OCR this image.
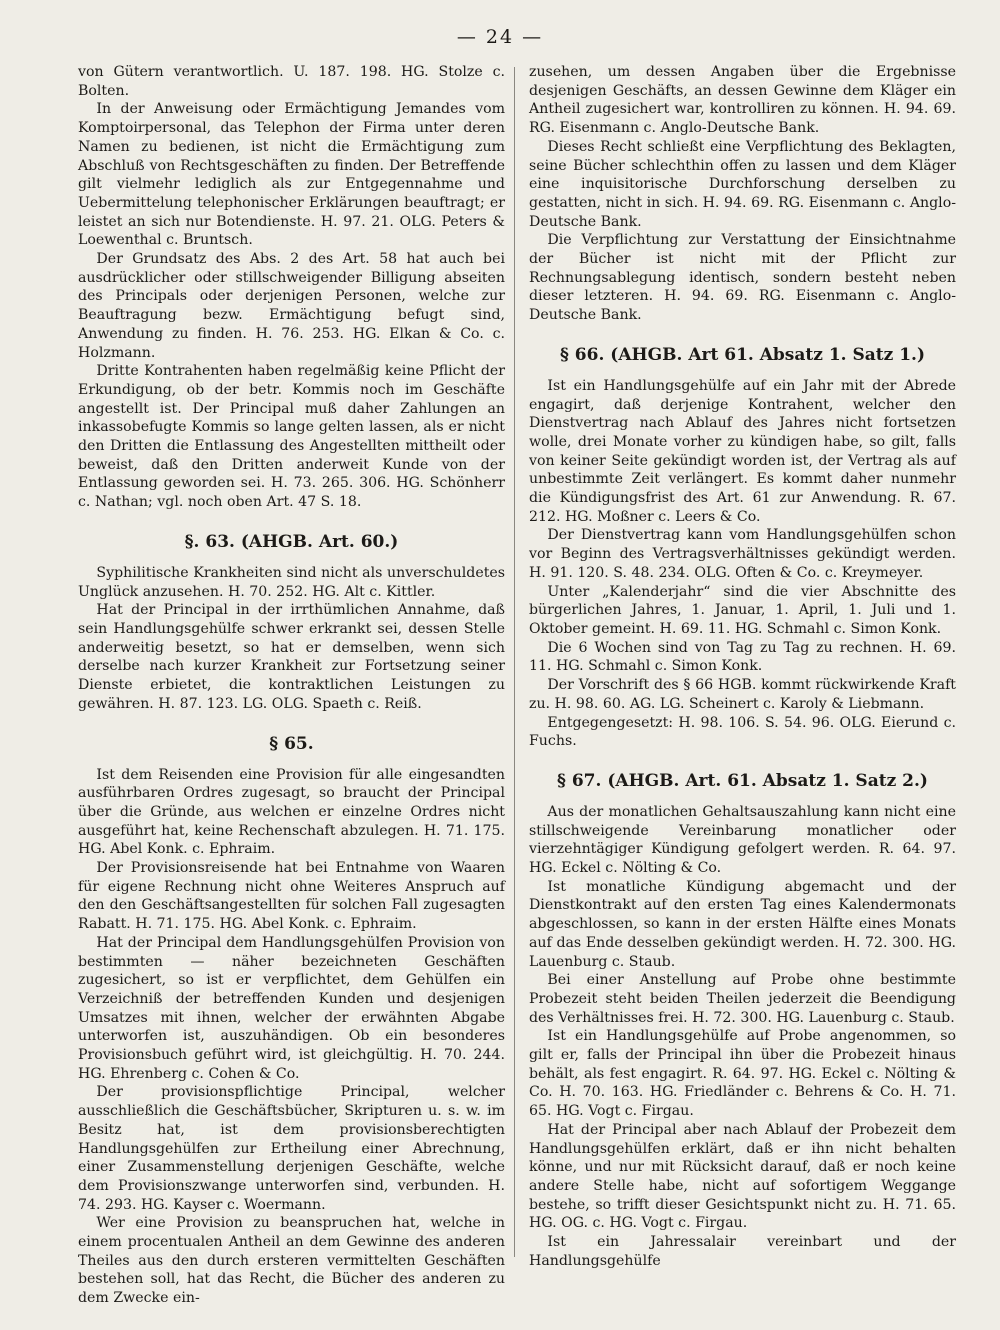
— 24 —

von Gütern verantwortlich. U. 187. 198. HG. Stolze c. Bolten.

In der Anweisung oder Ermächtigung Jemandes vom Komptoirpersonal, das Telephon der Firma unter deren Namen zu bedienen, ist nicht die Ermächtigung zum Abschluß von Rechtsgeschäften zu finden. Der Betreffende gilt vielmehr lediglich als zur Entgegennahme und Uebermittelung telephonischer Erklärungen beauftragt; er leistet an sich nur Botendienste. H. 97. 21. OLG. Peters & Loewenthal c. Bruntsch.

Der Grundsatz des Abs. 2 des Art. 58 hat auch bei ausdrücklicher oder stillschweigender Billigung abseiten des Principals oder derjenigen Personen, welche zur Beauftragung bezw. Ermächtigung befugt sind, Anwendung zu finden. H. 76. 253. HG. Elkan & Co. c. Holzmann.

Dritte Kontrahenten haben regelmäßig keine Pflicht der Erkundigung, ob der betr. Kommis noch im Geschäfte angestellt ist. Der Principal muß daher Zahlungen an inkassobefugte Kommis so lange gelten lassen, als er nicht den Dritten die Entlassung des Angestellten mittheilt oder beweist, daß den Dritten anderweit Kunde von der Entlassung geworden sei. H. 73. 265. 306. HG. Schönherr c. Nathan; vgl. noch oben Art. 47 S. 18.

§. 63. (AHGB. Art. 60.)

Syphilitische Krankheiten sind nicht als unverschuldetes Unglück anzusehen. H. 70. 252. HG. Alt c. Kittler.

Hat der Principal in der irrthümlichen Annahme, daß sein Handlungsgehülfe schwer erkrankt sei, dessen Stelle anderweitig besetzt, so hat er demselben, wenn sich derselbe nach kurzer Krankheit zur Fortsetzung seiner Dienste erbietet, die kontraktlichen Leistungen zu gewähren. H. 87. 123. LG. OLG. Spaeth c. Reiß.

§ 65.

Ist dem Reisenden eine Provision für alle eingesandten ausführbaren Ordres zugesagt, so braucht der Principal über die Gründe, aus welchen er einzelne Ordres nicht ausgeführt hat, keine Rechenschaft abzulegen. H. 71. 175. HG. Abel Konk. c. Ephraim.

Der Provisionsreisende hat bei Entnahme von Waaren für eigene Rechnung nicht ohne Weiteres Anspruch auf den den Geschäftsangestellten für solchen Fall zugesagten Rabatt. H. 71. 175. HG. Abel Konk. c. Ephraim.

Hat der Principal dem Handlungsgehülfen Provision von bestimmten — näher bezeichneten Geschäften zugesichert, so ist er verpflichtet, dem Gehülfen ein Verzeichniß der betreffenden Kunden und desjenigen Umsatzes mit ihnen, welcher der erwähnten Abgabe unterworfen ist, auszuhändigen. Ob ein besonderes Provisionsbuch geführt wird, ist gleichgültig. H. 70. 244. HG. Ehrenberg c. Cohen & Co.

Der provisionspflichtige Principal, welcher ausschließlich die Geschäftsbücher, Skripturen u. s. w. im Besitz hat, ist dem provisionsberechtigten Handlungsgehülfen zur Ertheilung einer Abrechnung, einer Zusammenstellung derjenigen Geschäfte, welche dem Provisionszwange unterworfen sind, verbunden. H. 74. 293. HG. Kayser c. Woermann.

Wer eine Provision zu beanspruchen hat, welche in einem procentualen Antheil an dem Gewinne des anderen Theiles aus den durch ersteren vermittelten Geschäften bestehen soll, hat das Recht, die Bücher des anderen zu dem Zwecke ein-

zusehen, um dessen Angaben über die Ergebnisse desjenigen Geschäfts, an dessen Gewinne dem Kläger ein Antheil zugesichert war, kontrolliren zu können. H. 94. 69. RG. Eisenmann c. Anglo-Deutsche Bank.

Dieses Recht schließt eine Verpflichtung des Beklagten, seine Bücher schlechthin offen zu lassen und dem Kläger eine inquisitorische Durchforschung derselben zu gestatten, nicht in sich. H. 94. 69. RG. Eisenmann c. Anglo-Deutsche Bank.

Die Verpflichtung zur Verstattung der Einsichtnahme der Bücher ist nicht mit der Pflicht zur Rechnungsablegung identisch, sondern besteht neben dieser letzteren. H. 94. 69. RG. Eisenmann c. Anglo-Deutsche Bank.

§ 66. (AHGB. Art 61. Absatz 1. Satz 1.)

Ist ein Handlungsgehülfe auf ein Jahr mit der Abrede engagirt, daß derjenige Kontrahent, welcher den Dienstvertrag nach Ablauf des Jahres nicht fortsetzen wolle, drei Monate vorher zu kündigen habe, so gilt, falls von keiner Seite gekündigt worden ist, der Vertrag als auf unbestimmte Zeit verlängert. Es kommt daher nunmehr die Kündigungsfrist des Art. 61 zur Anwendung. R. 67. 212. HG. Moßner c. Leers & Co.

Der Dienstvertrag kann vom Handlungsgehülfen schon vor Beginn des Vertragsverhältnisses gekündigt werden. H. 91. 120. S. 48. 234. OLG. Often & Co. c. Kreymeyer.

Unter „Kalenderjahr“ sind die vier Abschnitte des bürgerlichen Jahres, 1. Januar, 1. April, 1. Juli und 1. Oktober gemeint. H. 69. 11. HG. Schmahl c. Simon Konk.

Die 6 Wochen sind von Tag zu Tag zu rechnen. H. 69. 11. HG. Schmahl c. Simon Konk.

Der Vorschrift des § 66 HGB. kommt rückwirkende Kraft zu. H. 98. 60. AG. LG. Scheinert c. Karoly & Liebmann.

Entgegengesetzt: H. 98. 106. S. 54. 96. OLG. Eierund c. Fuchs.

§ 67. (AHGB. Art. 61. Absatz 1. Satz 2.)

Aus der monatlichen Gehaltsauszahlung kann nicht eine stillschweigende Vereinbarung monatlicher oder vierzehntägiger Kündigung gefolgert werden. R. 64. 97. HG. Eckel c. Nölting & Co.

Ist monatliche Kündigung abgemacht und der Dienstkontrakt auf den ersten Tag eines Kalendermonats abgeschlossen, so kann in der ersten Hälfte eines Monats auf das Ende desselben gekündigt werden. H. 72. 300. HG. Lauenburg c. Staub.

Bei einer Anstellung auf Probe ohne bestimmte Probezeit steht beiden Theilen jederzeit die Beendigung des Verhältnisses frei. H. 72. 300. HG. Lauenburg c. Staub.

Ist ein Handlungsgehülfe auf Probe angenommen, so gilt er, falls der Principal ihn über die Probezeit hinaus behält, als fest engagirt. R. 64. 97. HG. Eckel c. Nölting & Co. H. 70. 163. HG. Friedländer c. Behrens & Co. H. 71. 65. HG. Vogt c. Firgau.

Hat der Principal aber nach Ablauf der Probezeit dem Handlungsgehülfen erklärt, daß er ihn nicht behalten könne, und nur mit Rücksicht darauf, daß er noch keine andere Stelle habe, nicht auf sofortigem Weggange bestehe, so trifft dieser Gesichtspunkt nicht zu. H. 71. 65. HG. OG. c. HG. Vogt c. Firgau.

Ist ein Jahressalair vereinbart und der Handlungsgehülfe
